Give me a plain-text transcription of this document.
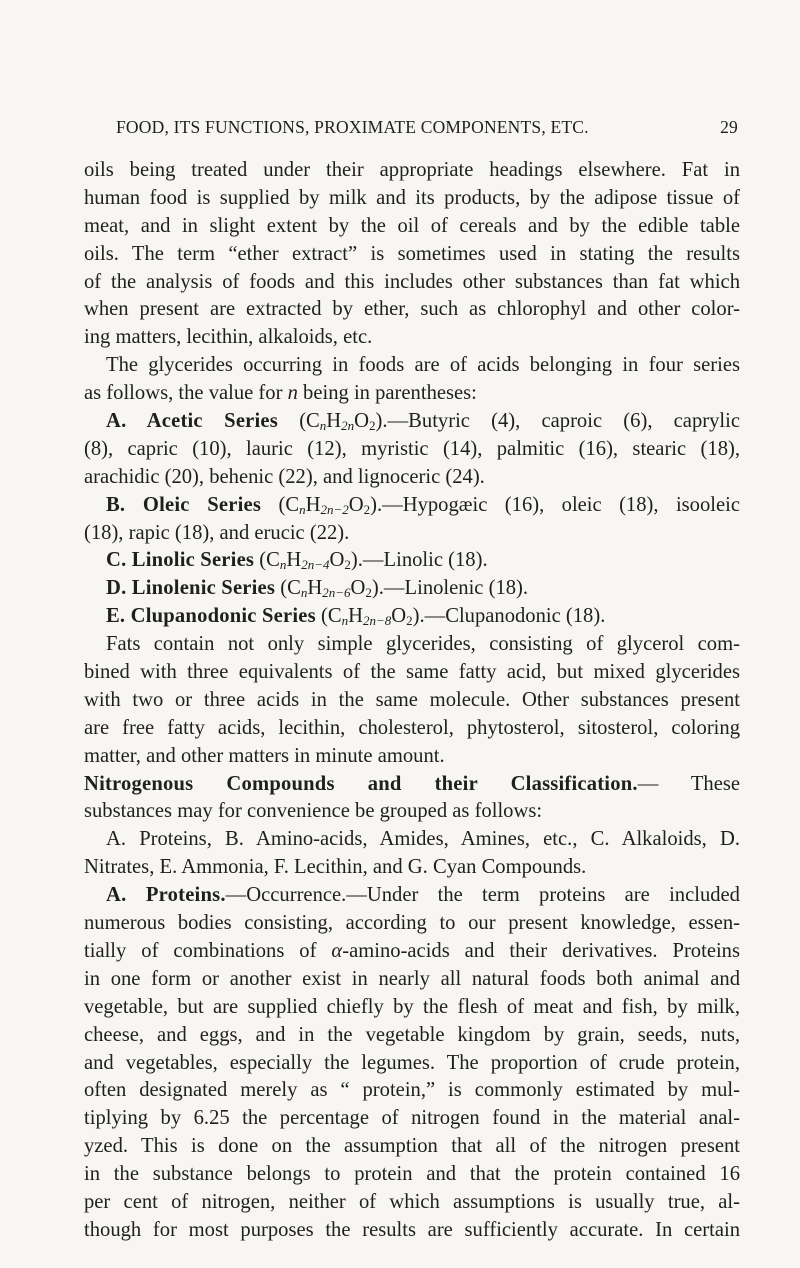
FOOD, ITS FUNCTIONS, PROXIMATE COMPONENTS, ETC.	29
oils being treated under their appropriate headings elsewhere. Fat in
human food is supplied by milk and its products, by the adipose tissue of
meat, and in slight extent by the oil of cereals and by the edible table
oils. The term “ether extract” is sometimes used in stating the results
of the analysis of foods and this includes other substances than fat which
when present are extracted by ether, such as chlorophyl and other color-
ing matters, lecithin, alkaloids, etc.
The glycerides occurring in foods are of acids belonging in four series
as follows, the value for n being in parentheses:
A. Acetic Series $(C_nH_{2n}O_2).—Butyric$ (4), caproic (6), caprylic
(8), capric (10), lauric (12), myristic (14), palmitic (16), stearic (18),
arachidic (20), behenic (22), and lignoceric (24).
B. Oleic Series $(C_nH_{2n-2}O_2).—Hypogæic$ (16), oleic (18), isooleic
(18), rapic (18), and erucic (22).
C. Linolic Series $(C_nH_{2n-4}O_2).—Linolic$ (18).
D. Linolenic Series $(C_nH_{2n-6}O_2).—Linolenic$ (18).
E. Clupanodonic Series $(C_nH_{2n-8}O_2).—Clupanodonic$ (18).
Fats contain not only simple glycerides, consisting of glycerol com-
bined with three equivalents of the same fatty acid, but mixed glycerides
with two or three acids in the same molecule. Other substances present
are free fatty acids, lecithin, cholesterol, phytosterol, sitosterol, coloring
matter, and other matters in minute amount.
Nitrogenous Compounds and their Classification.— These
substances may for convenience be grouped as follows:
A. Proteins, B. Amino-acids, Amides, Amines, etc., C. Alkaloids, D.
Nitrates, E. Ammonia, F. Lecithin, and G. Cyan Compounds.
A. Proteins.—Occurrence.—Under the term proteins are included
numerous bodies consisting, according to our present knowledge, essen-
tially of combinations of α-amino-acids and their derivatives. Proteins
in one form or another exist in nearly all natural foods both animal and
vegetable, but are supplied chiefly by the flesh of meat and fish, by milk,
cheese, and eggs, and in the vegetable kingdom by grain, seeds, nuts,
and vegetables, especially the legumes. The proportion of crude protein,
often designated merely as “ protein,” is commonly estimated by mul-
tiplying by 6.25 the percentage of nitrogen found in the material anal-
yzed. This is done on the assumption that all of the nitrogen present
in the substance belongs to protein and that the protein contained 16
per cent of nitrogen, neither of which assumptions is usually true, al-
though for most purposes the results are sufficiently accurate. In certain
